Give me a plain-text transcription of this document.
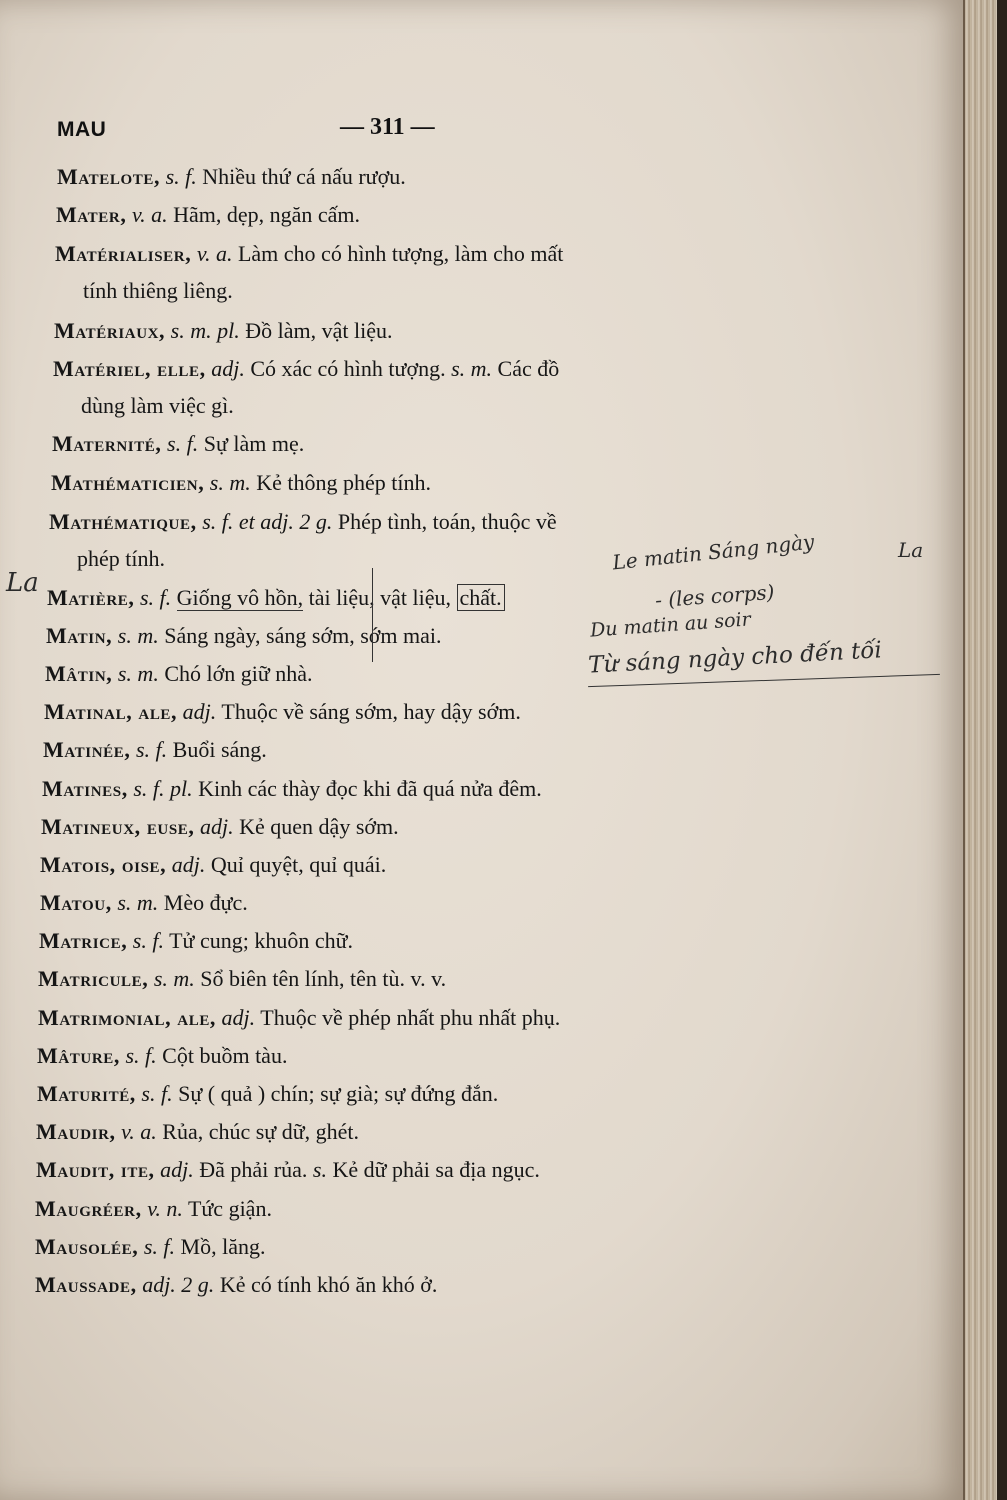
MAU	— 311 —
Matelote, s. f. Nhiều thứ cá nấu rượu.
Mater, v. a. Hãm, dẹp, ngăn cấm.
Matérialiser, v. a. Làm cho có hình tượng, làm cho mất
tính thiêng liêng.
Matériaux, s. m. pl. Đồ làm, vật liệu.
Matériel, elle, adj. Có xác có hình tượng. s. m. Các đồ
dùng làm việc gì.
Maternité, s. f. Sự làm mẹ.
Mathématicien, s. m. Kẻ thông phép tính.
Mathématique, s. f. et adj. 2 g. Phép tình, toán, thuộc về
phép tính.
Matière, s. f. Giống vô hồn, tài liệu, vật liệu, chất.
Matin, s. m. Sáng ngày, sáng sớm, sớm mai.
Mâtin, s. m. Chó lớn giữ nhà.
Matinal, ale, adj. Thuộc về sáng sớm, hay dậy sớm.
Matinée, s. f. Buổi sáng.
Matines, s. f. pl. Kinh các thày đọc khi đã quá nửa đêm.
Matineux, euse, adj. Kẻ quen dậy sớm.
Matois, oise, adj. Quỉ quyệt, quỉ quái.
Matou, s. m. Mèo đực.
Matrice, s. f. Tử cung; khuôn chữ.
Matricule, s. m. Sổ biên tên lính, tên tù. v. v.
Matrimonial, ale, adj. Thuộc về phép nhất phu nhất phụ.
Mâture, s. f. Cột buồm tàu.
Maturité, s. f. Sự ( quả ) chín; sự già; sự đứng đắn.
Maudir, v. a. Rủa, chúc sự dữ, ghét.
Maudit, ite, adj. Đã phải rủa. s. Kẻ dữ phải sa địa ngục.
Maugréer, v. n. Tức giận.
Mausolée, s. f. Mồ, lăng.
Maussade, adj. 2 g. Kẻ có tính khó ăn khó ở.
La
Le matin Sáng ngày	La
- (les corps)
Du matin au soir
Từ sáng ngày cho đến tối
